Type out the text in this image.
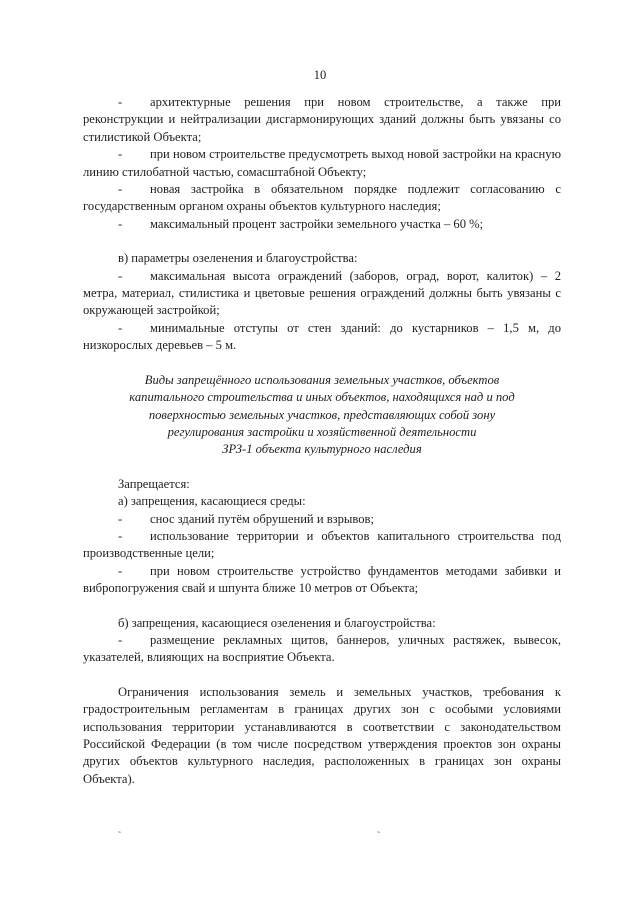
10

- архитектурные решения при новом строительстве, а также при реконструкции и нейтрализации дисгармонирующих зданий должны быть увязаны со стилистикой Объекта;

- при новом строительстве предусмотреть выход новой застройки на красную линию стилобатной частью, сомасштабной Объекту;

- новая застройка в обязательном порядке подлежит согласованию с государственным органом охраны объектов культурного наследия;

- максимальный процент застройки земельного участка – 60 %;

в) параметры озеленения и благоустройства:

- максимальная высота ограждений (заборов, оград, ворот, калиток) – 2 метра, материал, стилистика и цветовые решения ограждений должны быть увязаны с окружающей застройкой;

- минимальные отступы от стен зданий: до кустарников – 1,5 м, до низкорослых деревьев – 5 м.

Виды запрещённого использования земельных участков, объектов

капитального строительства и иных объектов, находящихся над и под

поверхностью земельных участков, представляющих собой зону

регулирования застройки и хозяйственной деятельности

ЗРЗ-1 объекта культурного наследия

Запрещается:

а) запрещения, касающиеся среды:

- снос зданий путём обрушений и взрывов;

- использование территории и объектов капитального строительства под производственные цели;

- при новом строительстве устройство фундаментов методами забивки и вибропогружения свай и шпунта ближе 10 метров от Объекта;

б) запрещения, касающиеся озеленения и благоустройства:

- размещение рекламных щитов, баннеров, уличных растяжек, вывесок, указателей, влияющих на восприятие Объекта.

Ограничения использования земель и земельных участков, требования к градостроительным регламентам в границах других зон с особыми условиями использования территории устанавливаются в соответствии с законодательством Российской Федерации (в том числе посредством утверждения проектов зон охраны других объектов культурного наследия, расположенных в границах зон охраны Объекта).

˜	˜
